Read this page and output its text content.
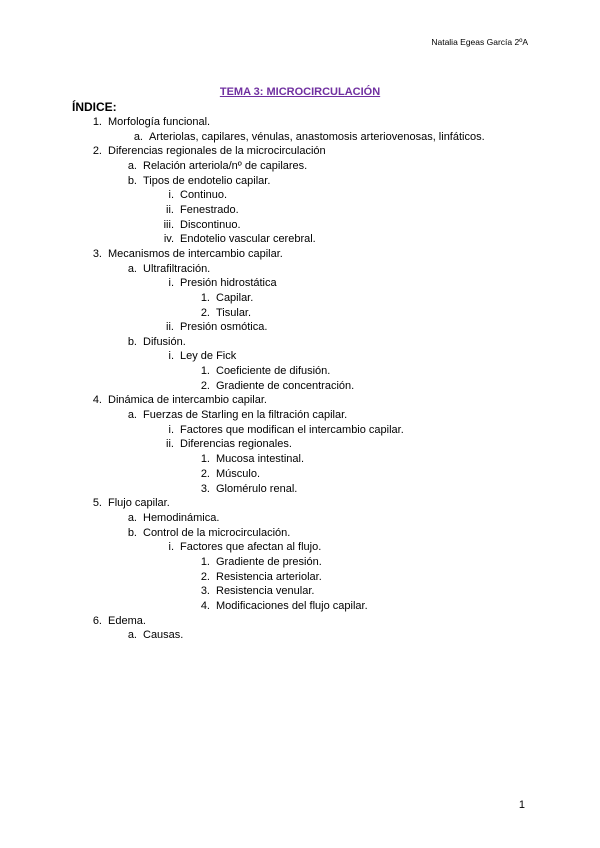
Natalia Egeas García 2ºA
TEMA 3: MICROCIRCULACIÓN
ÍNDICE:
1. Morfología funcional.
a. Arteriolas, capilares, vénulas, anastomosis arteriovenosas, linfáticos.
2. Diferencias regionales de la microcirculación
a. Relación arteriola/nº de capilares.
b. Tipos de endotelio capilar.
i. Continuo.
ii. Fenestrado.
iii. Discontinuo.
iv. Endotelio vascular cerebral.
3. Mecanismos de intercambio capilar.
a. Ultrafiltración.
i. Presión hidrostática
1. Capilar.
2. Tisular.
ii. Presión osmótica.
b. Difusión.
i. Ley de Fick
1. Coeficiente de difusión.
2. Gradiente de concentración.
4. Dinámica de intercambio capilar.
a. Fuerzas de Starling en la filtración capilar.
i. Factores que modifican el intercambio capilar.
ii. Diferencias regionales.
1. Mucosa intestinal.
2. Músculo.
3. Glomérulo renal.
5. Flujo capilar.
a. Hemodinámica.
b. Control de la microcirculación.
i. Factores que afectan al flujo.
1. Gradiente de presión.
2. Resistencia arteriolar.
3. Resistencia venular.
4. Modificaciones del flujo capilar.
6. Edema.
a. Causas.
1
